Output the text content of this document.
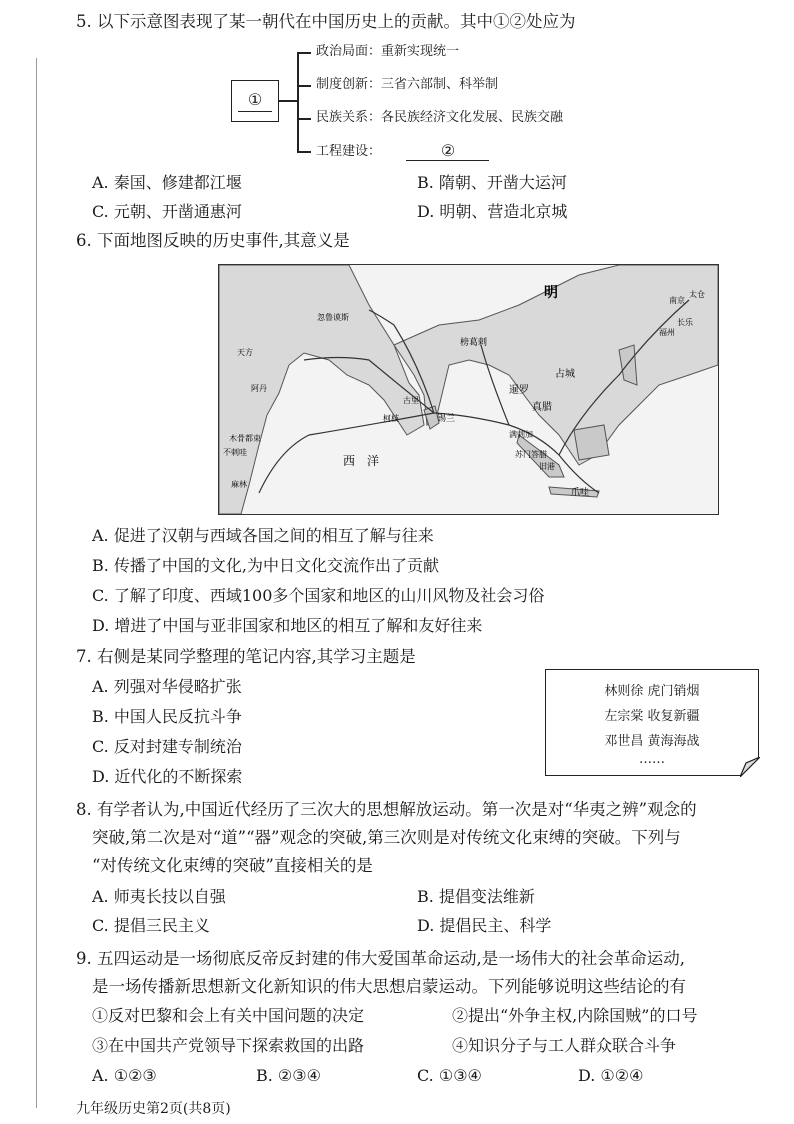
5. 以下示意图表现了某一朝代在中国历史上的贡献。其中①②处应为
①
政治局面：重新实现统一
制度创新：三省六部制、科举制
民族关系：各民族经济文化发展、民族交融
工程建设：	②
A. 秦国、修建都江堰	B. 隋朝、开凿大运河
C. 元朝、开凿通惠河	D. 明朝、营造北京城
6. 下面地图反映的历史事件,其意义是
明	南京
太仓
长乐
福州
忽鲁谟斯
天方
阿丹
古里
柯枝	锡兰
榜葛剌
暹罗
占城
真腊
满剌加
苏门答腊
爪哇
旧港
木骨都束
不剌哇
麻林
西　洋
A. 促进了汉朝与西域各国之间的相互了解与往来
B. 传播了中国的文化,为中日文化交流作出了贡献
C. 了解了印度、西域100多个国家和地区的山川风物及社会习俗
D. 增进了中国与亚非国家和地区的相互了解和友好往来
7. 右侧是某同学整理的笔记内容,其学习主题是
A. 列强对华侵略扩张
B. 中国人民反抗斗争
C. 反对封建专制统治
D. 近代化的不断探索
林则徐 虎门销烟
左宗棠 收复新疆
邓世昌 黄海海战
……
8. 有学者认为,中国近代经历了三次大的思想解放运动。第一次是对“华夷之辨”观念的
突破,第二次是对“道”“器”观念的突破,第三次则是对传统文化束缚的突破。下列与
“对传统文化束缚的突破”直接相关的是
A. 师夷长技以自强	B. 提倡变法维新
C. 提倡三民主义	D. 提倡民主、科学
9. 五四运动是一场彻底反帝反封建的伟大爱国革命运动,是一场伟大的社会革命运动,
是一场传播新思想新文化新知识的伟大思想启蒙运动。下列能够说明这些结论的有
①反对巴黎和会上有关中国问题的决定	②提出“外争主权,内除国贼”的口号
③在中国共产党领导下探索救国的出路	④知识分子与工人群众联合斗争
A. ①②③	B. ②③④	C. ①③④	D. ①②④
九年级历史第2页(共8页)
